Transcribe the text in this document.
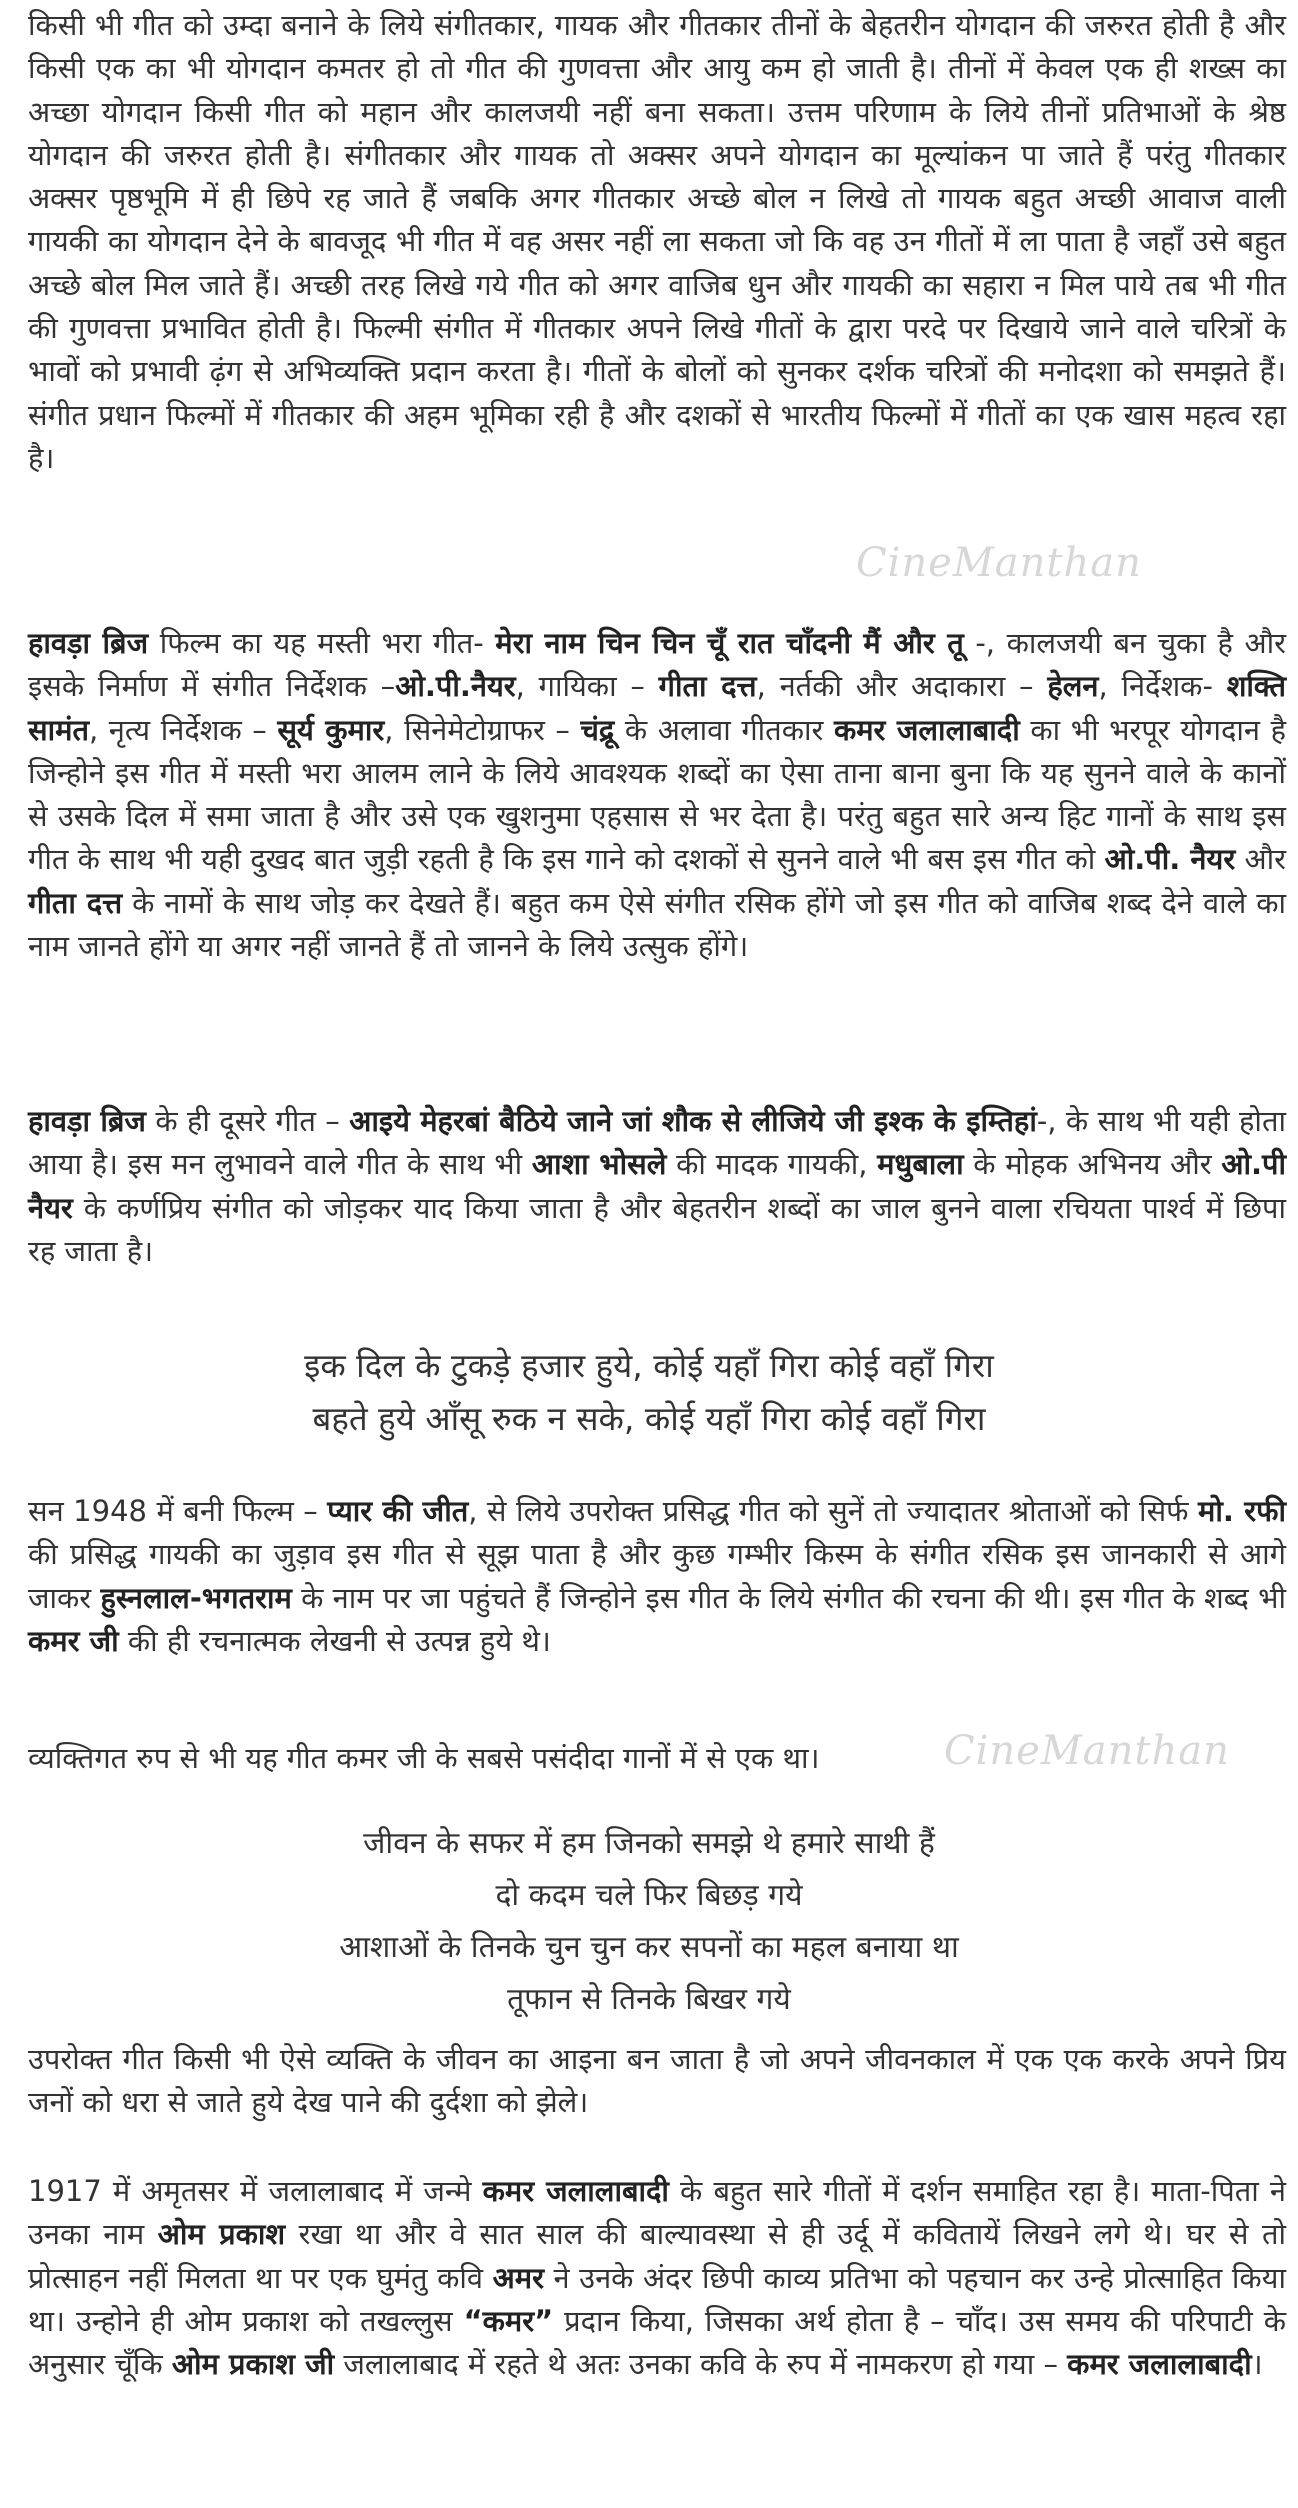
किसी भी गीत को उम्दा बनाने के लिये संगीतकार, गायक और गीतकार तीनों के बेहतरीन योगदान की जरुरत होती है और किसी एक का भी योगदान कमतर हो तो गीत की गुणवत्ता और आयु कम हो जाती है। तीनों में केवल एक ही शख्स का अच्छा योगदान किसी गीत को महान और कालजयी नहीं बना सकता। उत्तम परिणाम के लिये तीनों प्रतिभाओं के श्रेष्ठ योगदान की जरुरत होती है। संगीतकार और गायक तो अक्सर अपने योगदान का मूल्यांकन पा जाते हैं परंतु गीतकार अक्सर पृष्ठभूमि में ही छिपे रह जाते हैं जबकि अगर गीतकार अच्छे बोल न लिखे तो गायक बहुत अच्छी आवाज वाली गायकी का योगदान देने के बावजूद भी गीत में वह असर नहीं ला सकता जो कि वह उन गीतों में ला पाता है जहाँ उसे बहुत अच्छे बोल मिल जाते हैं। अच्छी तरह लिखे गये गीत को अगर वाजिब धुन और गायकी का सहारा न मिल पाये तब भी गीत की गुणवत्ता प्रभावित होती है। फिल्मी संगीत में गीतकार अपने लिखे गीतों के द्वारा परदे पर दिखाये जाने वाले चरित्रों के भावों को प्रभावी ढ़ंग से अभिव्यक्ति प्रदान करता है। गीतों के बोलों को सुनकर दर्शक चरित्रों की मनोदशा को समझते हैं। संगीत प्रधान फिल्मों में गीतकार की अहम भूमिका रही है और दशकों से भारतीय फिल्मों में गीतों का एक खास महत्व रहा है।

CineManthan

हावड़ा ब्रिज फिल्म का यह मस्ती भरा गीत- मेरा नाम चिन चिन चूँ रात चाँदनी मैं और तू -, कालजयी बन चुका है और इसके निर्माण में संगीत निर्देशक –ओ.पी.नैयर, गायिका – गीता दत्त, नर्तकी और अदाकारा – हेलन, निर्देशक- शक्ति सामंत, नृत्य निर्देशक – सूर्य कुमार, सिनेमेटोग्राफर – चंद्रू के अलावा गीतकार कमर जलालाबादी का भी भरपूर योगदान है जिन्होने इस गीत में मस्ती भरा आलम लाने के लिये आवश्यक शब्दों का ऐसा ताना बाना बुना कि यह सुनने वाले के कानों से उसके दिल में समा जाता है और उसे एक खुशनुमा एहसास से भर देता है। परंतु बहुत सारे अन्य हिट गानों के साथ इस गीत के साथ भी यही दुखद बात जुड़ी रहती है कि इस गाने को दशकों से सुनने वाले भी बस इस गीत को ओ.पी. नैयर और गीता दत्त के नामों के साथ जोड़ कर देखते हैं। बहुत कम ऐसे संगीत रसिक होंगे जो इस गीत को वाजिब शब्द देने वाले का नाम जानते होंगे या अगर नहीं जानते हैं तो जानने के लिये उत्सुक होंगे।

हावड़ा ब्रिज के ही दूसरे गीत – आइये मेहरबां बैठिये जाने जां शौक से लीजिये जी इश्क के इम्तिहां-, के साथ भी यही होता आया है। इस मन लुभावने वाले गीत के साथ भी आशा भोसले की मादक गायकी, मधुबाला के मोहक अभिनय और ओ.पी नैयर के कर्णप्रिय संगीत को जोड़कर याद किया जाता है और बेहतरीन शब्दों का जाल बुनने वाला रचियता पार्श्व में छिपा रह जाता है।

इक दिल के टुकड़े हजार हुये, कोई यहाँ गिरा कोई वहाँ गिरा
बहते हुये आँसू रुक न सके, कोई यहाँ गिरा कोई वहाँ गिरा

सन 1948 में बनी फिल्म – प्यार की जीत, से लिये उपरोक्त प्रसिद्ध गीत को सुनें तो ज्यादातर श्रोताओं को सिर्फ मो. रफी की प्रसिद्ध गायकी का जुड़ाव इस गीत से सूझ पाता है और कुछ गम्भीर किस्म के संगीत रसिक इस जानकारी से आगे जाकर हुस्नलाल-भगतराम के नाम पर जा पहुंचते हैं जिन्होने इस गीत के लिये संगीत की रचना की थी। इस गीत के शब्द भी कमर जी की ही रचनात्मक लेखनी से उत्पन्न हुये थे।

व्यक्तिगत रुप से भी यह गीत कमर जी के सबसे पसंदीदा गानों में से एक था।	CineManthan
जीवन के सफर में हम जिनको समझे थे हमारे साथी हैं
दो कदम चले फिर बिछड़ गये
आशाओं के तिनके चुन चुन कर सपनों का महल बनाया था
तूफान से तिनके बिखर गये

उपरोक्त गीत किसी भी ऐसे व्यक्ति के जीवन का आइना बन जाता है जो अपने जीवनकाल में एक एक करके अपने प्रिय जनों को धरा से जाते हुये देख पाने की दुर्दशा को झेले।

1917 में अमृतसर में जलालाबाद में जन्मे कमर जलालाबादी के बहुत सारे गीतों में दर्शन समाहित रहा है। माता-पिता ने उनका नाम ओम प्रकाश रखा था और वे सात साल की बाल्यावस्था से ही उर्दू में कवितायें लिखने लगे थे। घर से तो प्रोत्साहन नहीं मिलता था पर एक घुमंतु कवि अमर ने उनके अंदर छिपी काव्य प्रतिभा को पहचान कर उन्हे प्रोत्साहित किया था। उन्होने ही ओम प्रकाश को तखल्लुस “कमर” प्रदान किया, जिसका अर्थ होता है – चाँद। उस समय की परिपाटी के अनुसार चूँकि ओम प्रकाश जी जलालाबाद में रहते थे अतः उनका कवि के रुप में नामकरण हो गया – कमर जलालाबादी।
